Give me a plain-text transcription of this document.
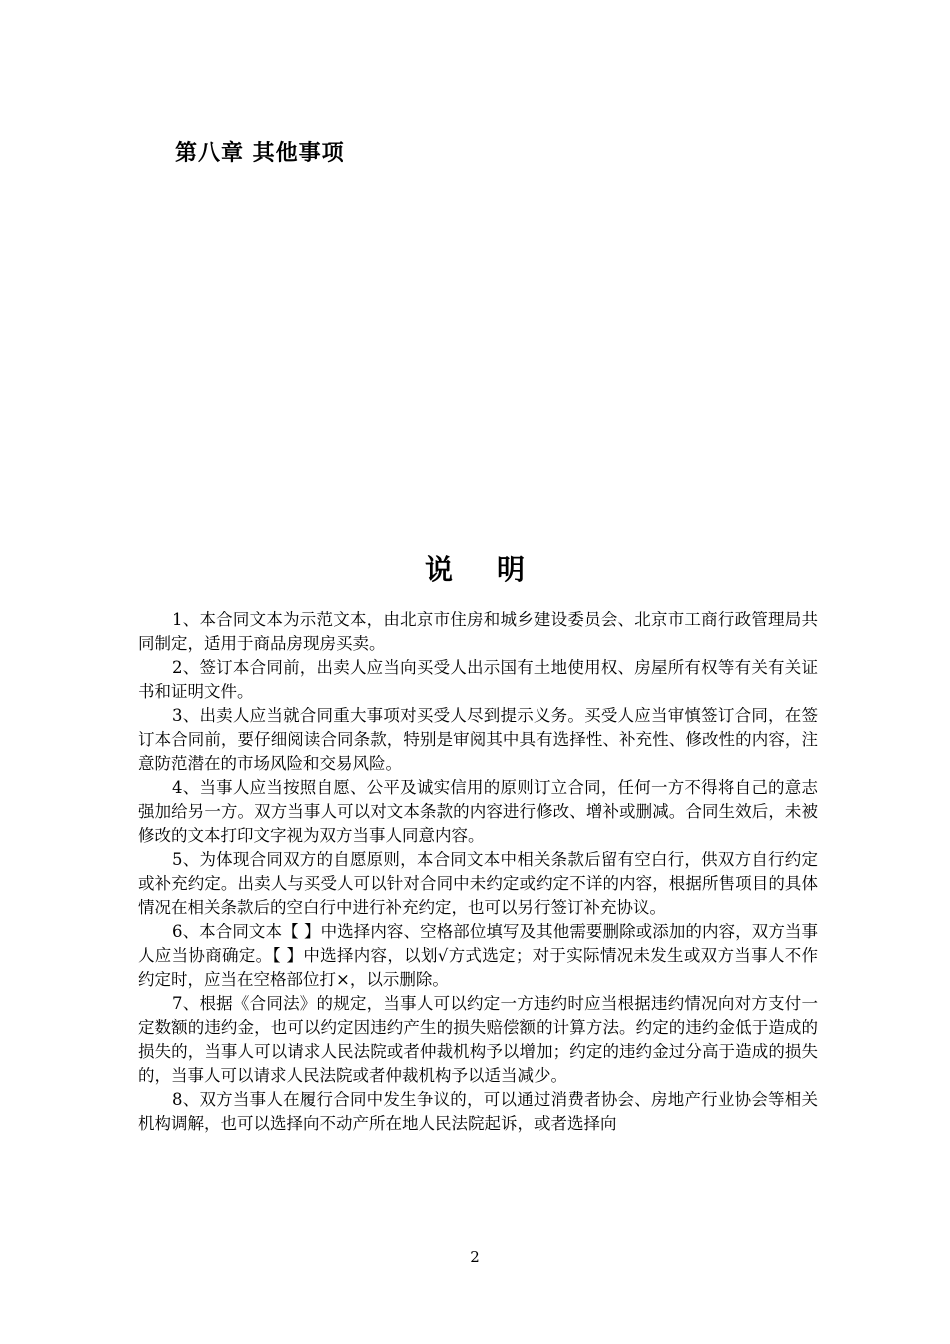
第八章 其他事项
说明

1、本合同文本为示范文本，由北京市住房和城乡建设委员会、北京市工商行政管理局共同制定，适用于商品房现房买卖。

2、签订本合同前，出卖人应当向买受人出示国有土地使用权、房屋所有权等有关有关证书和证明文件。

3、出卖人应当就合同重大事项对买受人尽到提示义务。买受人应当审慎签订合同，在签订本合同前，要仔细阅读合同条款，特别是审阅其中具有选择性、补充性、修改性的内容，注意防范潜在的市场风险和交易风险。

4、当事人应当按照自愿、公平及诚实信用的原则订立合同，任何一方不得将自己的意志强加给另一方。双方当事人可以对文本条款的内容进行修改、增补或删减。合同生效后，未被修改的文本打印文字视为双方当事人同意内容。

5、为体现合同双方的自愿原则，本合同文本中相关条款后留有空白行，供双方自行约定或补充约定。出卖人与买受人可以针对合同中未约定或约定不详的内容，根据所售项目的具体情况在相关条款后的空白行中进行补充约定，也可以另行签订补充协议。

6、本合同文本【 】中选择内容、空格部位填写及其他需要删除或添加的内容，双方当事人应当协商确定。【 】中选择内容，以划√方式选定；对于实际情况未发生或双方当事人不作约定时，应当在空格部位打×，以示删除。

7、根据《合同法》的规定，当事人可以约定一方违约时应当根据违约情况向对方支付一定数额的违约金，也可以约定因违约产生的损失赔偿额的计算方法。约定的违约金低于造成的损失的，当事人可以请求人民法院或者仲裁机构予以增加；约定的违约金过分高于造成的损失的，当事人可以请求人民法院或者仲裁机构予以适当减少。

8、双方当事人在履行合同中发生争议的，可以通过消费者协会、房地产行业协会等相关机构调解，也可以选择向不动产所在地人民法院起诉，或者选择向

2
